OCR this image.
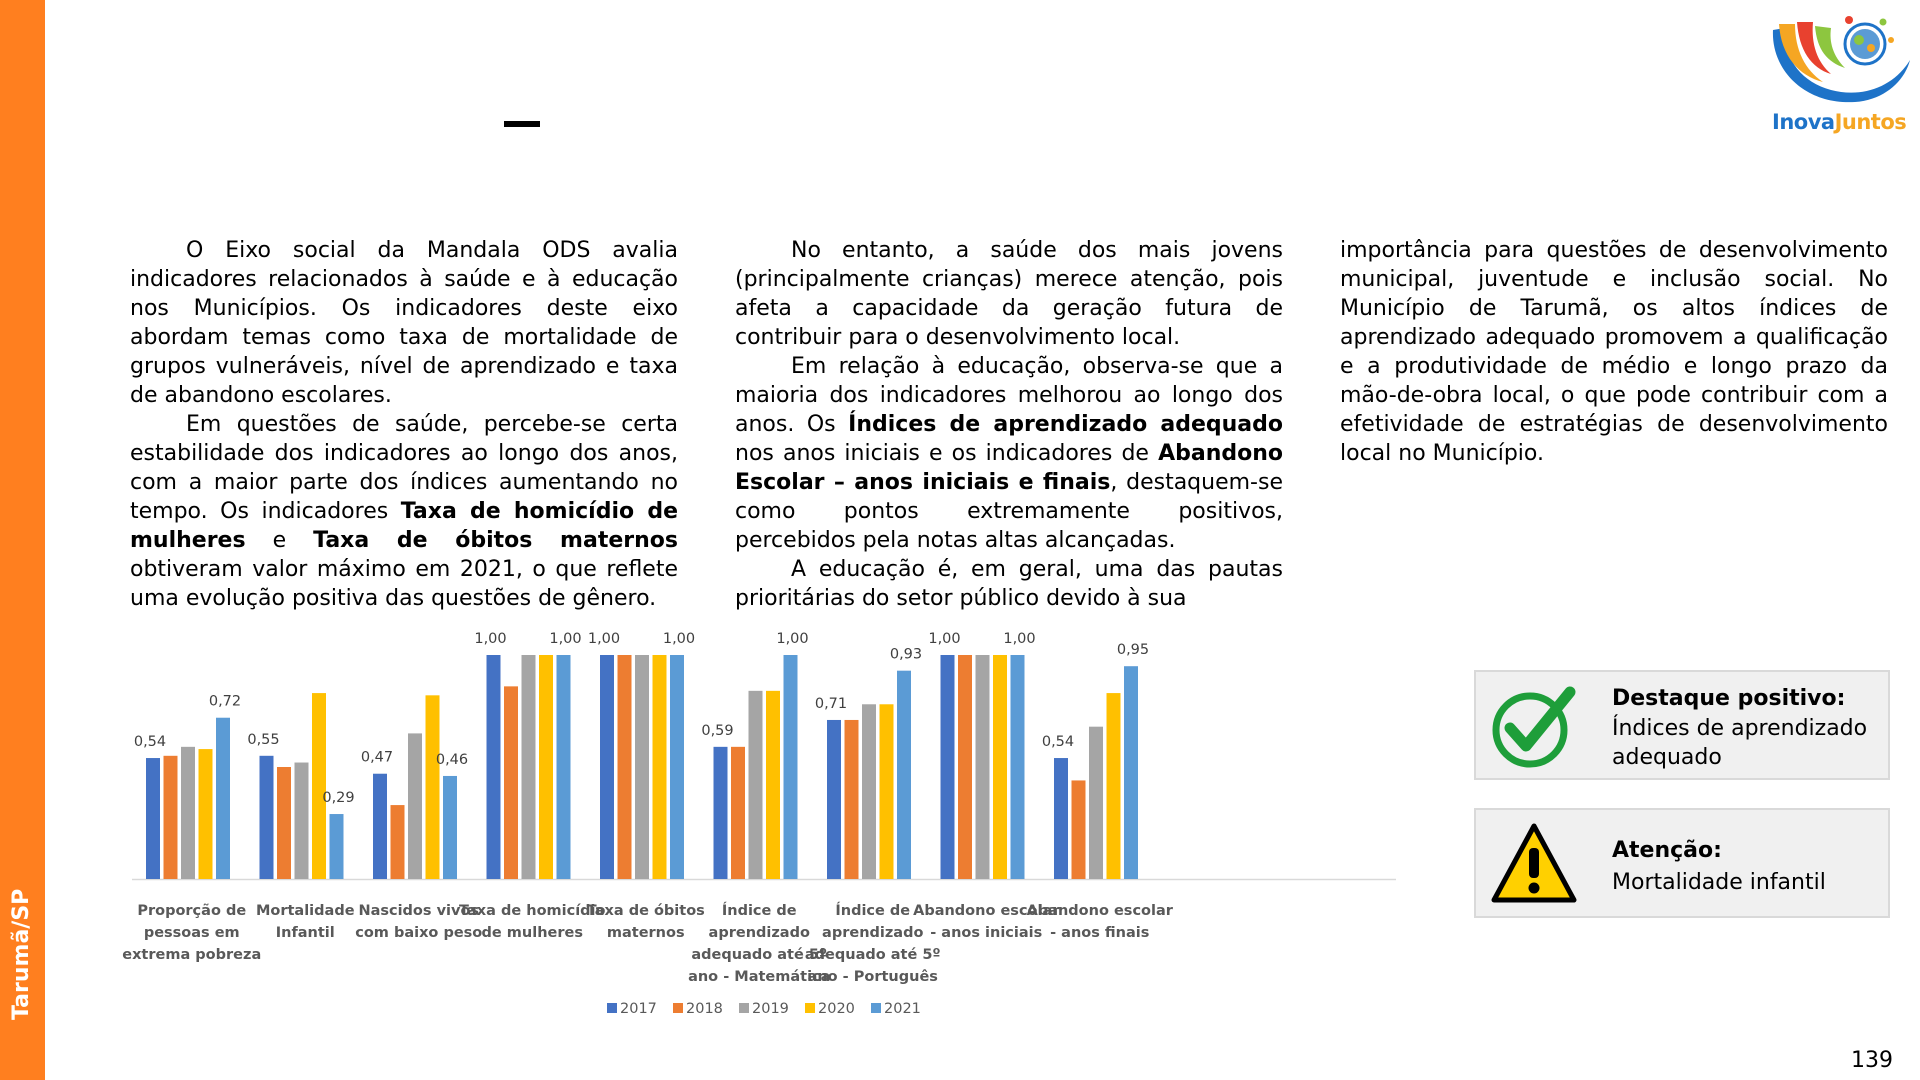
Tarumã/SP
InovaJuntos

O Eixo social da Mandala ODS avalia indicadores relacionados à saúde e à educação nos Municípios. Os indicadores deste eixo abordam temas como taxa de mortalidade de grupos vulneráveis, nível de aprendizado e taxa de abandono escolares.

Em questões de saúde, percebe-se certa estabilidade dos indicadores ao longo dos anos, com a maior parte dos índices aumentando no tempo. Os indicadores Taxa de homicídio de mulheres e Taxa de óbitos maternos obtiveram valor máximo em 2021, o que reflete uma evolução positiva das questões de gênero.

No entanto, a saúde dos mais jovens (principalmente crianças) merece atenção, pois afeta a capacidade da geração futura de contribuir para o desenvolvimento local.

Em relação à educação, observa-se que a maioria dos indicadores melhorou ao longo dos anos. Os Índices de aprendizado adequado nos anos iniciais e os indicadores de Abandono Escolar – anos iniciais e finais, destaquem-se como pontos extremamente positivos, percebidos pela notas altas alcançadas.

A educação é, em geral, uma das pautas prioritárias do setor público devido à sua

importância para questões de desenvolvimento municipal, juventude e inclusão social. No Município de Tarumã, os altos índices de aprendizado adequado promovem a qualificação e a produtividade de médio e longo prazo da mão-de-obra local, o que pode contribuir com a efetividade de estratégias de desenvolvimento local no Município.

Proporção de
pessoas em
extrema pobreza
Mortalidade
Infantil
Nascidos vivos
com baixo peso
Taxa de homicídio
de mulheres
Taxa de óbitos
maternos
Índice de
aprendizado
adequado até 5º
ano - Matemática
Índice de
aprendizado
adequado até 5º
ano - Português
Abandono escolar
- anos iniciais
Abandono escolar
- anos finais
0,54
0,72
0,55
0,29
0,47	0,46
1,00	1,00 1,00	1,00
0,59
1,00
0,71
0,93
1,00	1,00
0,54
0,95
2017 2018 2019 2020 2021
Destaque positivo:
Índices de aprendizado adequado
Atenção:
Mortalidade infantil
139
